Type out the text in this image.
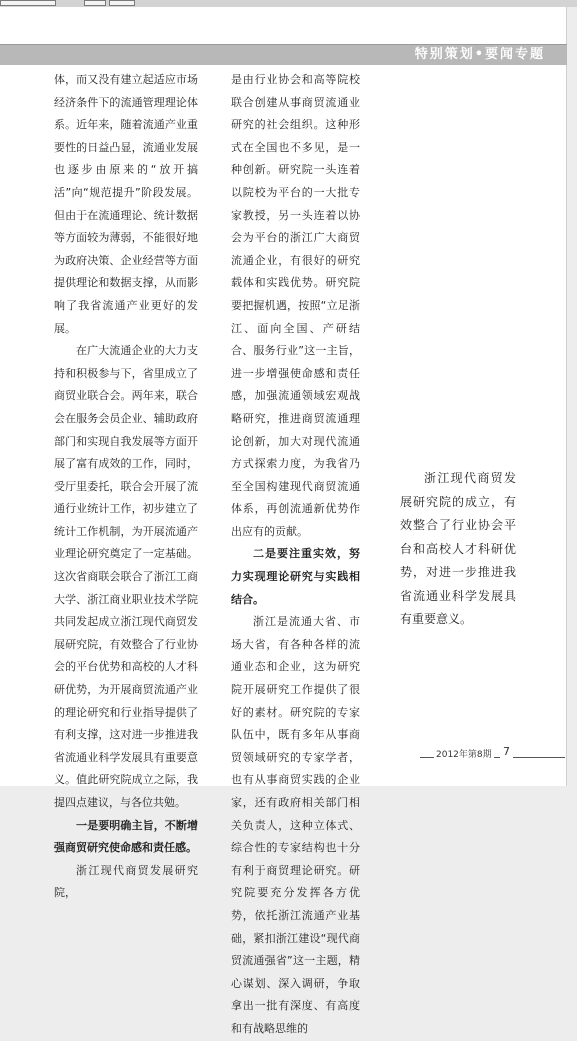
特别策划•要闻专题

体，而又没有建立起适应市场经济条件下的流通管理理论体系。近年来，随着流通产业重要性的日益凸显，流通业发展也逐步由原来的“放开搞活”向“规范提升”阶段发展。但由于在流通理论、统计数据等方面较为薄弱，不能很好地为政府决策、企业经营等方面提供理论和数据支撑，从而影响了我省流通产业更好的发展。

在广大流通企业的大力支持和积极参与下，省里成立了商贸业联合会。两年来，联合会在服务会员企业、辅助政府部门和实现自我发展等方面开展了富有成效的工作，同时，受厅里委托，联合会开展了流通行业统计工作，初步建立了统计工作机制，为开展流通产业理论研究奠定了一定基础。这次省商联会联合了浙江工商大学、浙江商业职业技术学院共同发起成立浙江现代商贸发展研究院，有效整合了行业协会的平台优势和高校的人才科研优势，为开展商贸流通产业的理论研究和行业指导提供了有利支撑，这对进一步推进我省流通业科学发展具有重要意义。值此研究院成立之际，我提四点建议，与各位共勉。

一是要明确主旨，不断增强商贸研究使命感和责任感。

浙江现代商贸发展研究院，

是由行业协会和高等院校联合创建从事商贸流通业研究的社会组织。这种形式在全国也不多见，是一种创新。研究院一头连着以院校为平台的一大批专家教授，另一头连着以协会为平台的浙江广大商贸流通企业，有很好的研究载体和实践优势。研究院要把握机遇，按照“立足浙江、面向全国、产研结合、服务行业”这一主旨，进一步增强使命感和责任感，加强流通领域宏观战略研究，推进商贸流通理论创新，加大对现代流通方式探索力度，为我省乃至全国构建现代商贸流通体系，再创流通新优势作出应有的贡献。

二是要注重实效，努力实现理论研究与实践相结合。

浙江是流通大省、市场大省，有各种各样的流通业态和企业，这为研究院开展研究工作提供了很好的素材。研究院的专家队伍中，既有多年从事商贸领域研究的专家学者，也有从事商贸实践的企业家，还有政府相关部门相关负责人，这种立体式、综合性的专家结构也十分有利于商贸理论研究。研究院要充分发挥各方优势，依托浙江流通产业基础，紧扣浙江建设“现代商贸流通强省”这一主题，精心谋划、深入调研，争取拿出一批有深度、有高度和有战略思维的

浙江现代商贸发展研究院的成立，有效整合了行业协会平台和高校人才科研优势，对进一步推进我省流通业科学发展具有重要意义。

2012年第8期 7
